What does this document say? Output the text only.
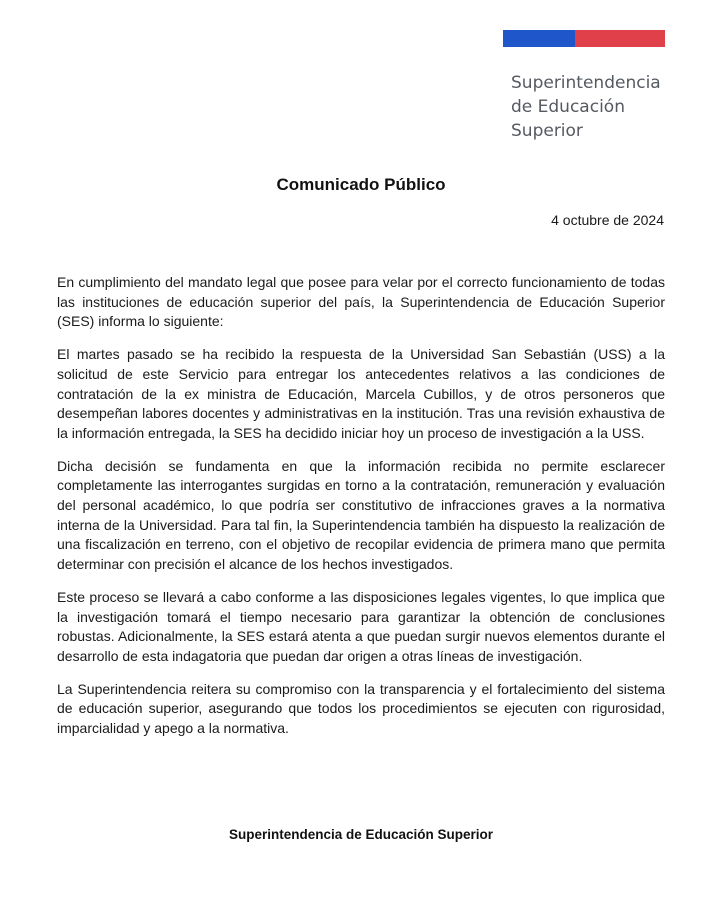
Superintendencia
de Educación
Superior
Comunicado Público
4 octubre de 2024

En cumplimiento del mandato legal que posee para velar por el correcto funcionamiento de todas las instituciones de educación superior del país, la Superintendencia de Educación Superior (SES) informa lo siguiente:

El martes pasado se ha recibido la respuesta de la Universidad San Sebastián (USS) a la solicitud de este Servicio para entregar los antecedentes relativos a las condiciones de contratación de la ex ministra de Educación, Marcela Cubillos, y de otros personeros que desempeñan labores docentes y administrativas en la institución. Tras una revisión exhaustiva de la información entregada, la SES ha decidido iniciar hoy un proceso de investigación a la USS.

Dicha decisión se fundamenta en que la información recibida no permite esclarecer completamente las interrogantes surgidas en torno a la contratación, remuneración y evaluación del personal académico, lo que podría ser constitutivo de infracciones graves a la normativa interna de la Universidad. Para tal fin, la Superintendencia también ha dispuesto la realización de una fiscalización en terreno, con el objetivo de recopilar evidencia de primera mano que permita determinar con precisión el alcance de los hechos investigados.

Este proceso se llevará a cabo conforme a las disposiciones legales vigentes, lo que implica que la investigación tomará el tiempo necesario para garantizar la obtención de conclusiones robustas. Adicionalmente, la SES estará atenta a que puedan surgir nuevos elementos durante el desarrollo de esta indagatoria que puedan dar origen a otras líneas de investigación.

La Superintendencia reitera su compromiso con la transparencia y el fortalecimiento del sistema de educación superior, asegurando que todos los procedimientos se ejecuten con rigurosidad, imparcialidad y apego a la normativa.

Superintendencia de Educación Superior
